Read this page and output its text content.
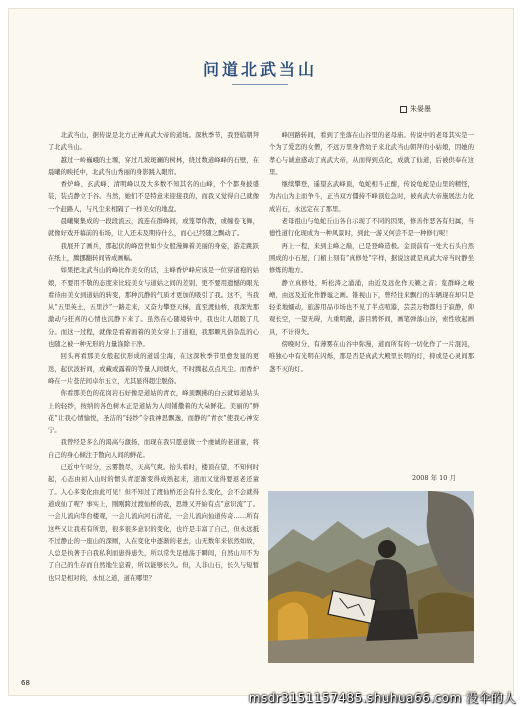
问道北武当山
朱晏墨

北武当山，据传说是北方正神真武大帝的道场。深秋季节，我登临朝拜了北武当山。

越过一岭巍峨的土塬，穿过几坡斑斓的树林，绕过数道峰峰的石壁，在晨曦的映托中，北武当山秀丽的身影跳入眼帘。

香炉峰、玄武峰、清明峰以及大多数不知其名的山峰，个个都身披盛装，装点静立于谷。当然，她们不是特意来迎接我的，而我又觉得自己就像一个赶路人，与凡尘来相隔了一样美女的地盘。

晨曦聚集成的一段段流云，流连在群峰间，或笼罩你散，或缠卷飞舞，就像好戏开幕前的布场，让人还未及期待什么，而心已经随之飘动了。

我展开了画兵，那起伏的峰峦世如少女般漫舞着美丽的身姿，游走跳跃在纸上，腾挪翻转间皆成画幅。

如果把北武当山的峰比作美女的话，主峰香炉峰应该是一位穿道袍的姑娘，不要用不敬的态度来比较美女与道姑之间的差别，更不要用遗憾的眼光看待由美女到道姑的转变，那种沉静的气质才更加的吸引了我。这不，当我从“五里英土，五里沙”一路走来，又奋力攀登天梯，直至渡仙桥，我深先那激动与狂喜的心情也沉静下来了。虽然在心随境转中，我也让人超脱了几分。而这一过程，就像是看着面着的美女穿上了道袍，我那颗凡俗杂乱的心也随之被一种无形的力量涤除干净。

回头再看那美女般起伏形成的道谣尘海，在这深秋季节里愈发显的更迭，起伏波折间，或藏或露着的等量人间烟火，不时腾起点点凡尘。而香炉峰在一片苍茫间卓尔玉立，尤其显得超尘脱俗。

你看那美色的花岗岩石好像是道姑的青衣，峰顶飘拂的白云就如道姑头上的轻纱，按纳的各色树木正是道姑为人间铺撒着的大朵鲜花。美丽的“鲜花”让我心情愉悦，圣洁的“轻纱”令我神思飘逸，而静的“青衣”使我心神安宁。

我曾经是多么的渴高与激扬，而现在我只愿意做一个虔诚的老道童，将自己的身心倾注于散向人间的鲜花。

已近中午时分，云雾散尽，天高气爽。抬头看时，楼顶在望，不知何时起，心态由初入山时的惯头青涩渐变得成熟起来，道而又觉得要返老还童了。人心多变化由此可见！但不知过了渡仙桥还会有什么变化，会不会就得道成仙了呢？事实上，刚刚跨过渡仙桥的我，思维又开始有点“意识流”了。一会儿流向华台楼观，一会儿流向河石清花，一会儿流向仙道传奇……所有这些又让我若有所思，很多很多意识的变化，也许是丰富了自己，但永远抵不过静止的一座山的深厕，人在变化中逐渐的老去，山无数年来依然如故，人总是执著于自我私利而患得患失，所以常失足德荡于瞬间，自然山川不为了自己的生存而自然地生息着，所以能够长久。但，人非山石，长久与短暂也只是相对的，永恒之道，道在哪里？

峰回路转间，看到了坐落在山谷里的老母庙。传说中的老母其实是一个为了爱恋的女僧，不远万里身背幼子来北武当山朝拜的小姑娘，因她的孝心与诚意感动了真武大帝，从而得到点化，成就了仙道，后被供奉在这里。

继续攀登，遥望玄武峰顶，龟蛇相斗正酣，传说龟蛇是山里的精怪，为古山为主而争斗，正当双方僵持不峰顶危急时，被真武大帝施展法力化成岩石，永远定在了那里。

老母祖山与龟蛇丘山各自示现了不同的因果，修善作恶各有归属，当德性道行化现成为一种风景时，到此一游又何尝不是一种修行呢！

再上一程，来到主峰之巅，已是登峰造极。金顶前有一处大石头自然围成的小石屋，门楣上刻有“真修处”字样，据说这就是真武大帝当时静坐修炼的地方。

静立真修处，听松涛之涌涌，由近及远化作天籁之音；览群峰之峻嶒，由远及近化作静谧之画。锥视山下，曾经往来飘行的车辆现在却只是轻柔地蠕动，旅游用品市场也不见了半点喧嚣，芸芸万物都归于寂静，仰观长空，一望无碍，九重明澈，游目骋怀间，画笔弹落山谷，索性收起画具，不计得失。

傍晚时分，有薄雾在山谷中弥漫，道而所有的一切化作了一片混沌，唯独心中有光明在闪烁，那是否是真武大殿里长明的灯，抑或是心灵间那盏不灭的灯。

2008 年 10 月
68
msdr3151157485.shuhua66.com 没伞的人
